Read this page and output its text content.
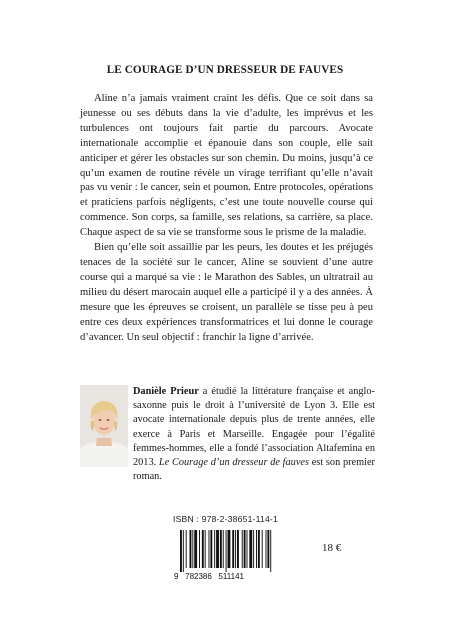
LE COURAGE D’UN DRESSEUR DE FAUVES

Aline n’a jamais vraiment craint les défis. Que ce soit dans sa jeunesse ou ses débuts dans la vie d’adulte, les imprévus et les turbulences ont toujours fait partie du parcours. Avocate internationale accomplie et épanouie dans son couple, elle sait anticiper et gérer les obstacles sur son chemin. Du moins, jusqu’à ce qu’un examen de routine révèle un virage terrifiant qu’elle n’avait pas vu venir : le cancer, sein et poumon. Entre protocoles, opérations et praticiens parfois négligents, c’est une toute nouvelle course qui commence. Son corps, sa famille, ses relations, sa carrière, sa place. Chaque aspect de sa vie se transforme sous le prisme de la maladie.

Bien qu’elle soit assaillie par les peurs, les doutes et les préjugés tenaces de la société sur le cancer, Aline se souvient d’une autre course qui a marqué sa vie : le Marathon des Sables, un ultratrail au milieu du désert marocain auquel elle a participé il y a des années. À mesure que les épreuves se croisent, un parallèle se tisse peu à peu entre ces deux expériences transformatrices et lui donne le courage d’avancer. Un seul objectif : franchir la ligne d’arrivée.

Danièle Prieur a étudié la littérature française et anglo-saxonne puis le droit à l’université de Lyon 3. Elle est avocate internationale depuis plus de trente années, elle exerce à Paris et Marseille. Engagée pour l’égalité femmes-hommes, elle a fondé l’association Altafemina en 2013. Le Courage d’un dresseur de fauves est son premier roman.

ISBN : 978-2-38651-114-1
9   782386   511141
18 €
